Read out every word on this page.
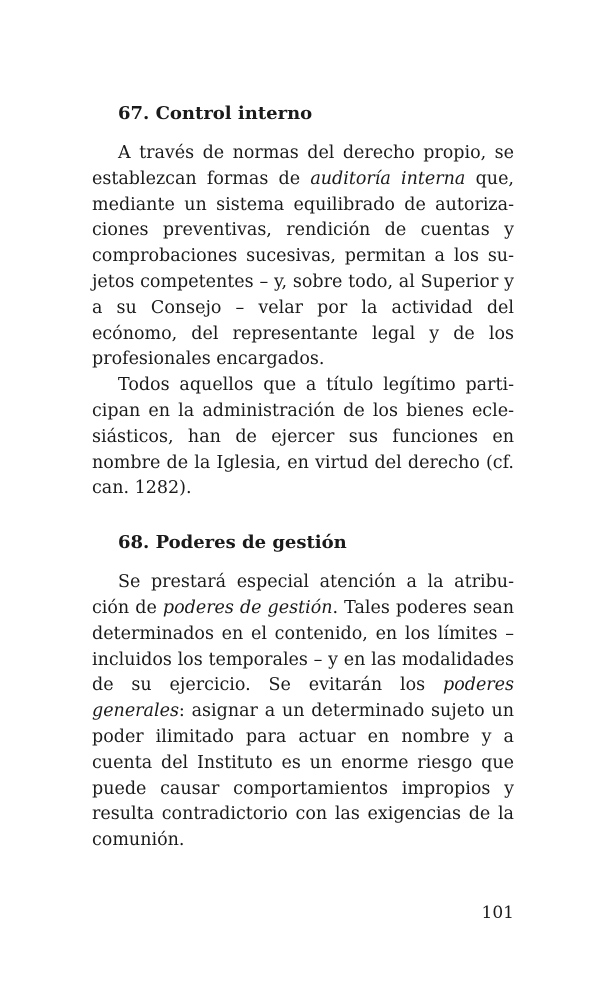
67. Control interno

A través de normas del derecho propio, se establezcan formas de auditoría interna que, mediante un sistema equilibrado de autorizaciones preventivas, rendición de cuentas y comprobaciones sucesivas, permitan a los sujetos competentes – y, sobre todo, al Superior y a su Consejo – velar por la actividad del ecónomo, del representante legal y de los profesionales encargados.

Todos aquellos que a título legítimo participan en la administración de los bienes eclesiásticos, han de ejercer sus funciones en nombre de la Iglesia, en virtud del derecho (cf. can. 1282).

68. Poderes de gestión

Se prestará especial atención a la atribución de poderes de gestión. Tales poderes sean determinados en el contenido, en los límites – incluidos los temporales – y en las modalidades de su ejercicio. Se evitarán los poderes generales: asignar a un determinado sujeto un poder ilimitado para actuar en nombre y a cuenta del Instituto es un enorme riesgo que puede causar comportamientos impropios y resulta contradictorio con las exigencias de la comunión.

101
